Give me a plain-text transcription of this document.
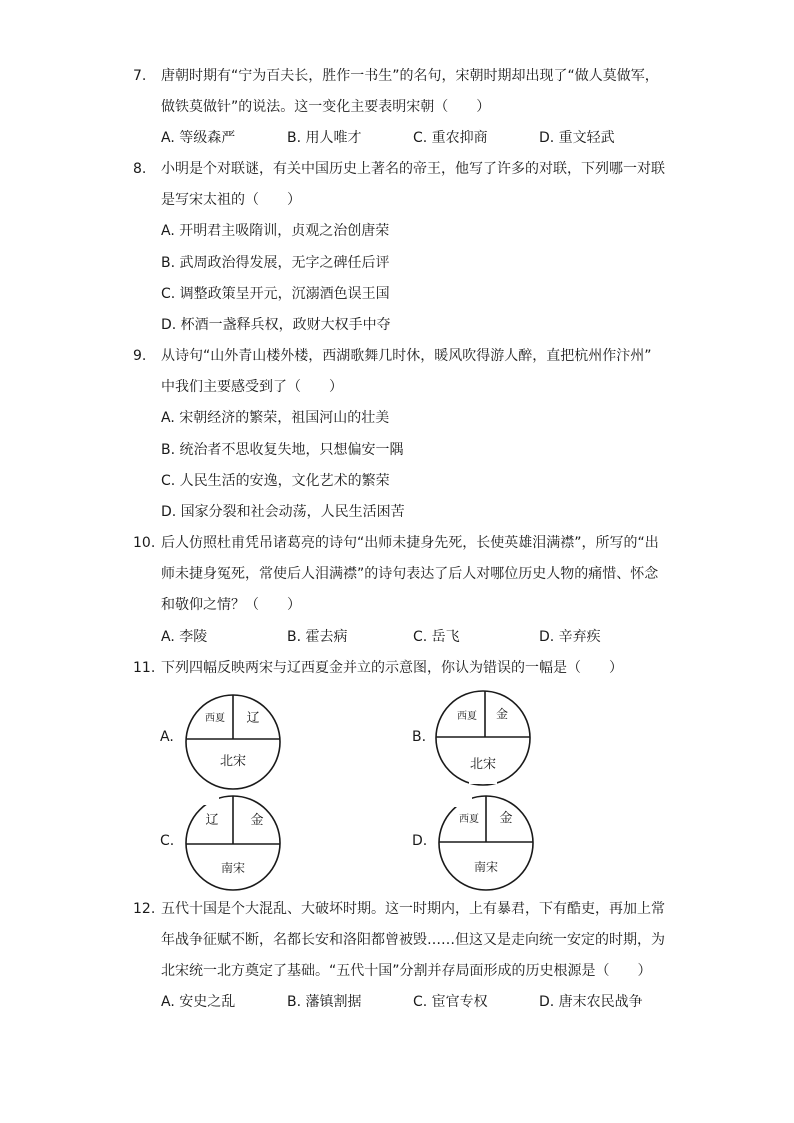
7. 唐朝时期有“宁为百夫长，胜作一书生”的名句，宋朝时期却出现了“做人莫做军，
做铁莫做针”的说法。这一变化主要表明宋朝（　　）
A. 等级森严	B. 用人唯才	C. 重农抑商	D. 重文轻武
8. 小明是个对联谜，有关中国历史上著名的帝王，他写了许多的对联，下列哪一对联
是写宋太祖的（　　）
A. 开明君主吸隋训，贞观之治创唐荣
B. 武周政治得发展，无字之碑任后评
C. 调整政策呈开元，沉溺酒色误王国
D. 杯酒一盏释兵权，政财大权手中夺
9. 从诗句“山外青山楼外楼，西湖歌舞几时休，暖风吹得游人醉，直把杭州作汴州”
中我们主要感受到了（　　）
A. 宋朝经济的繁荣，祖国河山的壮美
B. 统治者不思收复失地，只想偏安一隅
C. 人民生活的安逸，文化艺术的繁荣
D. 国家分裂和社会动荡，人民生活困苦
10. 后人仿照杜甫凭吊诸葛亮的诗句“出师未捷身先死，长使英雄泪满襟”，所写的“出
师未捷身冤死，常使后人泪满襟”的诗句表达了后人对哪位历史人物的痛惜、怀念
和敬仰之情？（　　）
A. 李陵	B. 霍去病	C. 岳飞	D. 辛弃疾
11. 下列四幅反映两宋与辽西夏金并立的示意图，你认为错误的一幅是（　　）
A.
西夏 辽
北宋
B.
西夏 金
北宋
C.
辽 金
南宋
D.
西夏 金
南宋
12. 五代十国是个大混乱、大破坏时期。这一时期内，上有暴君，下有酷吏，再加上常
年战争征赋不断，名都长安和洛阳都曾被毁……但这又是走向统一安定的时期，为
北宋统一北方奠定了基础。“五代十国”分割并存局面形成的历史根源是（　　）
A. 安史之乱	B. 藩镇割据	C. 宦官专权	D. 唐末农民战争
